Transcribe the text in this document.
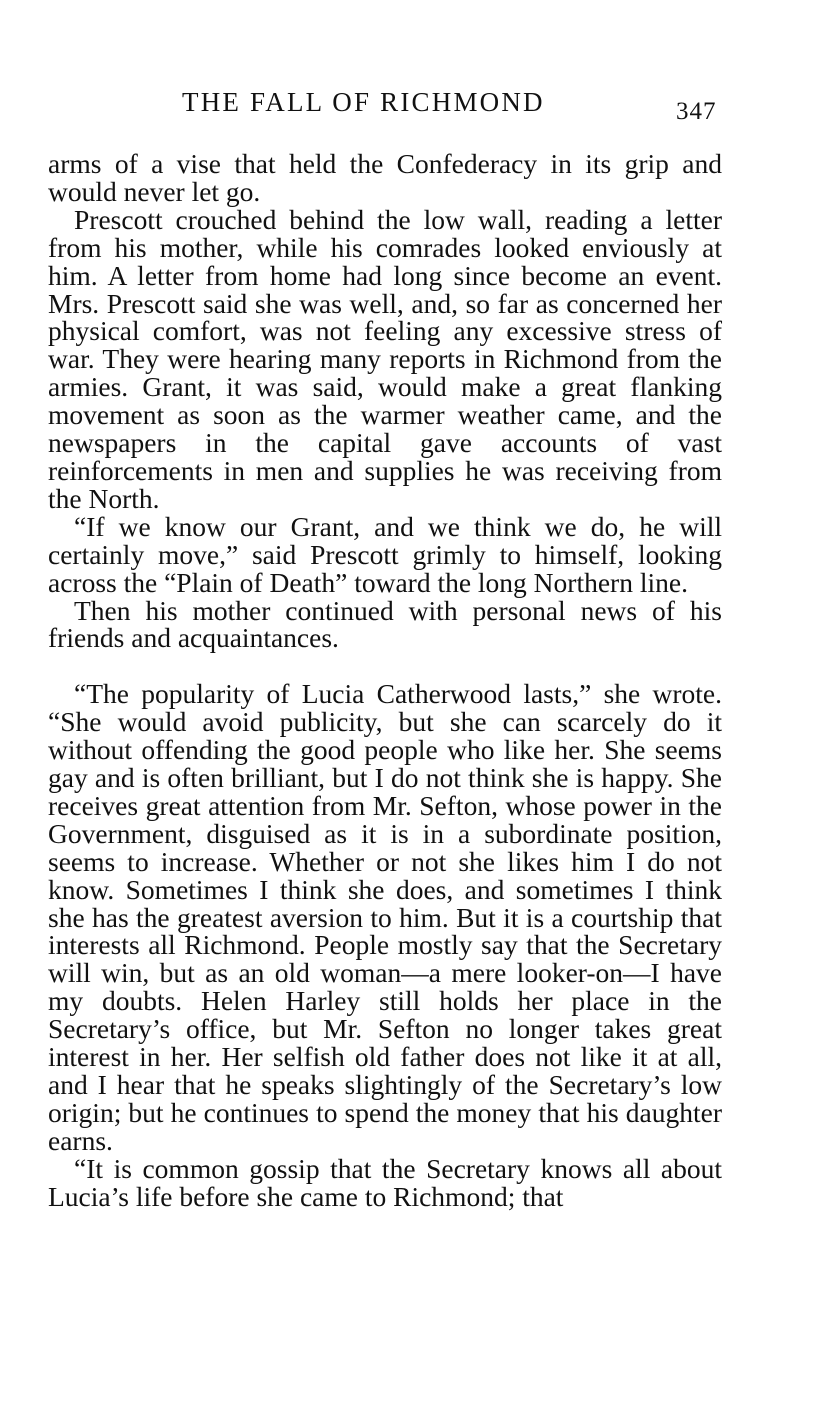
THE FALL OF RICHMOND	347

arms of a vise that held the Confederacy in its grip and would never let go.

Prescott crouched behind the low wall, reading a letter from his mother, while his comrades looked enviously at him. A letter from home had long since become an event. Mrs. Prescott said she was well, and, so far as concerned her physical comfort, was not feeling any excessive stress of war. They were hearing many reports in Richmond from the armies. Grant, it was said, would make a great flanking movement as soon as the warmer weather came, and the newspapers in the capital gave accounts of vast reinforcements in men and supplies he was receiving from the North.

“If we know our Grant, and we think we do, he will certainly move,” said Prescott grimly to himself, looking across the “Plain of Death” toward the long Northern line.

Then his mother continued with personal news of his friends and acquaintances.

“The popularity of Lucia Catherwood lasts,” she wrote. “She would avoid publicity, but she can scarcely do it without offending the good people who like her. She seems gay and is often brilliant, but I do not think she is happy. She receives great attention from Mr. Sefton, whose power in the Government, disguised as it is in a subordinate position, seems to increase. Whether or not she likes him I do not know. Sometimes I think she does, and sometimes I think she has the greatest aversion to him. But it is a courtship that interests all Richmond. People mostly say that the Secretary will win, but as an old woman—a mere looker-on—I have my doubts. Helen Harley still holds her place in the Secretary’s office, but Mr. Sefton no longer takes great interest in her. Her selfish old father does not like it at all, and I hear that he speaks slightingly of the Secretary’s low origin; but he continues to spend the money that his daughter earns.

“It is common gossip that the Secretary knows all about Lucia’s life before she came to Richmond; that
